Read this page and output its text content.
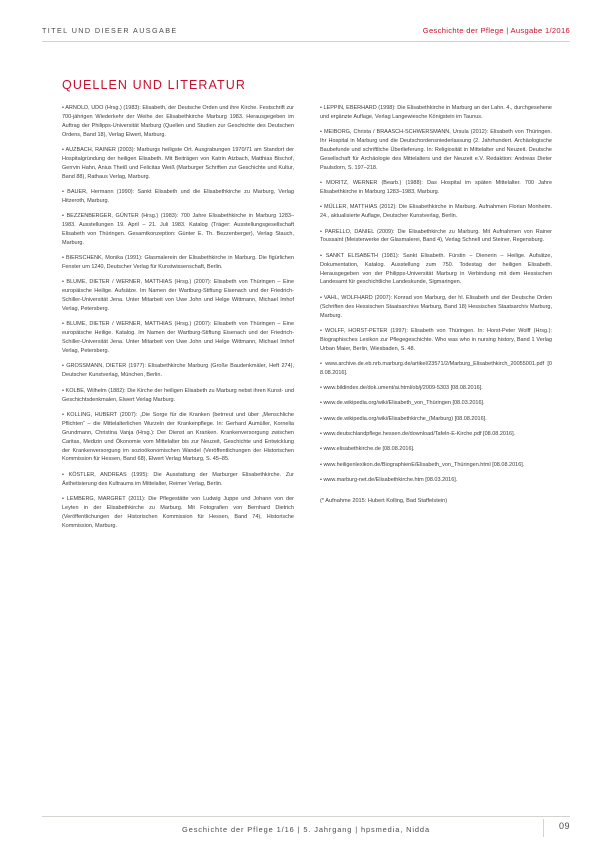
TITEL UND DIESER AUSGABE	Geschichte der Pflege | Ausgabe 1/2016
QUELLEN UND LITERATUR
• ARNOLD, UDO (Hrsg.) (1983): Elisabeth, der Deutsche Orden und ihre Kirche. Festschrift zur 700-jährigen Wiederkehr der Weihe der Elisabethkirche Marburg 1983. Herausgegeben im Auftrag der Philipps-Universität Marburg (Quellen und Studien zur Geschichte des Deutschen Ordens, Band 18), Verlag Elwert, Marburg.
• AUZBACH, RAINER (2003): Marburgs heiligste Ort. Ausgrabungen 1970/71 am Standort der Hospitalgründung der heiligen Elisabeth. Mit Beiträgen von Katrin Atzbach, Matthias Bischof, Gerrvin Hahn, Anius Theiß und Felicitas Weiß (Marburger Schriften zur Geschichte und Kultur, Band 88), Rathaus Verlag, Marburg.
• BAUER, Hermann (1990): Sankt Elisabeth und die Elisabethkirche zu Marburg, Verlag Hitzeroth, Marburg.
• BEZZENBERGER, GÜNTER (Hrsg.) (1983): 700 Jahre Elisabethkirche in Marburg 1283–1983. Ausstellungen 19. April – 21. Juli 1983. Katalog (Träger: Ausstellungsgesellschaft Elisabeth von Thüringen. Gesamtkonzeption: Günter E. Th. Bezzenberger), Verlag Stauch, Marburg.
• BIERSCHENK, Monika (1991): Glasmalerein der Elisabethkirche in Marburg. Die figürlichen Fenster um 1240, Deutscher Verlag für Kunstwissenschaft, Berlin.
• BLUME, DIETER / WERNER, MATTHIAS (Hrsg.) (2007): Elisabeth von Thüringen – Eine europäische Heilige. Aufsätze. Im Namen der Wartburg-Stiftung Eisenach und der Friedrich-Schiller-Universität Jena. Unter Mitarbeit von Uwe John und Helge Wittmann, Michael Imhof Verlag, Petersberg.
• BLUME, DIETER / WERNER, MATTHIAS (Hrsg.) (2007): Elisabeth von Thüringen – Eine europäische Heilige. Katalog. Im Namen der Wartburg-Stiftung Eisenach und der Friedrich-Schiller-Universität Jena. Unter Mitarbeit von Uwe John und Helge Wittmann, Michael Imhof Verlag, Petersberg.
• GROSSMANN, DIETER (1977): Elisabethkirche Marburg (Große Baudenkmäler, Heft 274), Deutscher Kunstverlag, München, Berlin.
• KOLBE, Wilhelm (1882): Die Kirche der heiligen Elisabeth zu Marburg nebst ihren Kunst- und Geschichtsdenkmalen, Elwert Verlag Marburg.
• KOLLING, HUBERT (2007): „Die Sorge für die Kranken (betrreut und über „Menschliche Pflichten“ – die Mittelalterlichen Wurzeln der Krankenpflege. In: Gerhard Aumüller, Kornelia Grundmann, Christina Vanja (Hrsg.): Der Dienst an Kranken. Krankenversorgung zwischen Caritas, Medizin und Ökonomie vom Mittelalter bis zur Neuzeit, Geschichte und Entwicklung der Krankenversorgung im sozioökonomischen Wandel (Veröffentlichungen der Historischen Kommission für Hessen, Band 68), Elwert Verlag Marburg, S. 45–85.
• KÖSTLER, ANDREAS (1995): Die Ausstattung der Marburger Elisabethkirche. Zur Ästhetisierung des Kultraums im Mittelalter, Reimer Verlag, Berlin.
• LEMBERG, MARGRET (2011): Die Pflegestätte von Ludwig Juppe und Johann von der Leyten in der Elisabethkirche zu Marburg. Mit Fotografien von Bernhard Dietrich (Veröffentlichungen der Historischen Kommission für Hessen, Band 74), Historische Kommission, Marburg.
• LEPPIN, EBERHARD (1998): Die Elisabethkirche in Marburg an der Lahn. 4., durchgesehene und ergänzte Auflage, Verlag Langewiesche Königstein im Taunus.
• MEIBORG, Christa / BRAASCH-SCHWERSMANN, Ursula (2012): Elisabeth von Thüringen. Ihr Hospital in Marburg und die Deutschordensniederlassung (2. Jahrhundert. Archäologische Baubefunde und schriftliche Überlieferung. In: Religiosität in Mittelalter und Neuzeit. Deutsche Gesellschaft für Archäologie des Mittelalters und der Neuzeit e.V. Redaktion: Andreas Dieter Paulsdorn, S. 197–218.
• MORITZ, WERNER (Bearb.) (1988): Das Hospital im späten Mittelalter. 700 Jahre Elisabethkirche in Marburg 1283–1983, Marburg.
• MÜLLER, MATTHIAS (2012): Die Elisabethkirche in Marburg. Aufnahmen Florian Monheim. 24., aktualisierte Auflage, Deutscher Kunstverlag, Berlin.
• PARELLO, DANIEL (2009): Die Elisabethkirche zu Marburg. Mit Aufnahmen von Rainer Toussaint (Meisterwerke der Glasmalerei, Band 4), Verlag Schnell und Steiner, Regensburg.
• SANKT ELISABETH (1981): Sankt Elisabeth. Fürstin – Dienerin – Heilige. Aufsätze, Dokumentation, Katalog. Ausstellung zum 750. Todestag der heiligen Elisabeth. Herausgegeben von der Philipps-Universität Marburg in Verbindung mit dem Hessischen Landesamt für geschichtliche Landeskunde, Sigmaringen.
• VAHL, WOLFHARD (2007): Konrad von Marburg, der hl. Elisabeth und der Deutsche Orden (Schriften des Hessischen Staatsarchivs Marburg, Band 18) Hessisches Staatsarchiv Marburg, Marburg.
• WOLFF, HORST-PETER (1997): Elisabeth von Thüringen. In: Horst-Peter Wolff (Hrsg.): Biographisches Lexikon zur Pflegegeschichte. Who was who in nursing history, Band 1 Verlag Urban Maier, Berlin, Wiesbaden, S. 48.
• www.archive.de.eb.nrb.marburg.de/artikel/23571/2/Marburg_Elisabethkirch_20055001.pdf [08.08.2016].
• www.bildindex.de/dok.ument/ai.html/ob/j/2009-5303 [08.08.2016].
• www.de.wikipedia.org/wiki/Elisabeth_von_Thüringen [08.03.2016].
• www.de.wikipedia.org/wiki/Elisabethkirche_(Marburg) [08.08.2016].
• www.deutschlandpflege.hessen.de/download/Tafeln-E-Kirche.pdf [08.08.2016].
• www.elisabethkirche.de [08.08.2016].
• www.heiligenlexikon.de/BiographienE/Elisabeth_von_Thüringen.html [08.08.2016].
• www.marburg-net.de/Elisabethkirche.htm [08.03.2016].
(* Aufnahme 2015: Hubert Kolling, Bad Staffelstein)
Geschichte der Pflege 1/16 | 5. Jahrgang | hpsmedia, Nidda	09
